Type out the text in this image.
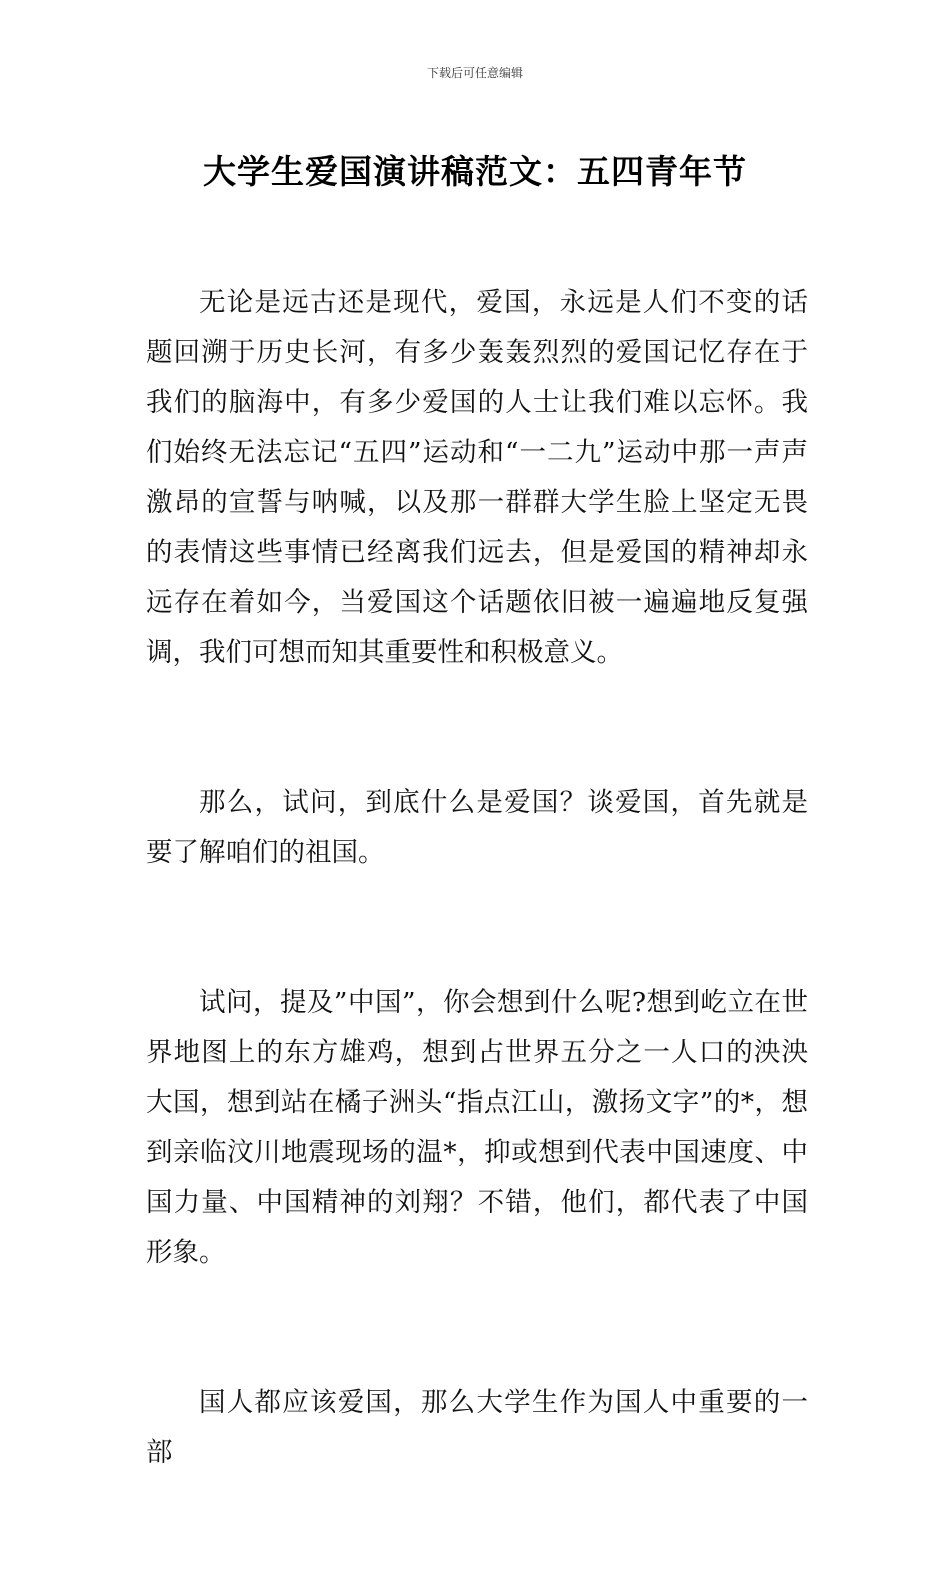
下载后可任意编辑
大学生爱国演讲稿范文：五四青年节

无论是远古还是现代，爱国，永远是人们不变的话题回溯于历史长河，有多少轰轰烈烈的爱国记忆存在于我们的脑海中，有多少爱国的人士让我们难以忘怀。我们始终无法忘记“五四”运动和“一二九”运动中那一声声激昂的宣誓与呐喊，以及那一群群大学生脸上坚定无畏的表情这些事情已经离我们远去，但是爱国的精神却永远存在着如今，当爱国这个话题依旧被一遍遍地反复强调，我们可想而知其重要性和积极意义。

那么，试问，到底什么是爱国？谈爱国，首先就是要了解咱们的祖国。

试问，提及”中国”，你会想到什么呢?想到屹立在世界地图上的东方雄鸡，想到占世界五分之一人口的泱泱大国，想到站在橘子洲头“指点江山，激扬文字”的*，想到亲临汶川地震现场的温*，抑或想到代表中国速度、中国力量、中国精神的刘翔？不错，他们，都代表了中国形象。

国人都应该爱国，那么大学生作为国人中重要的一部
